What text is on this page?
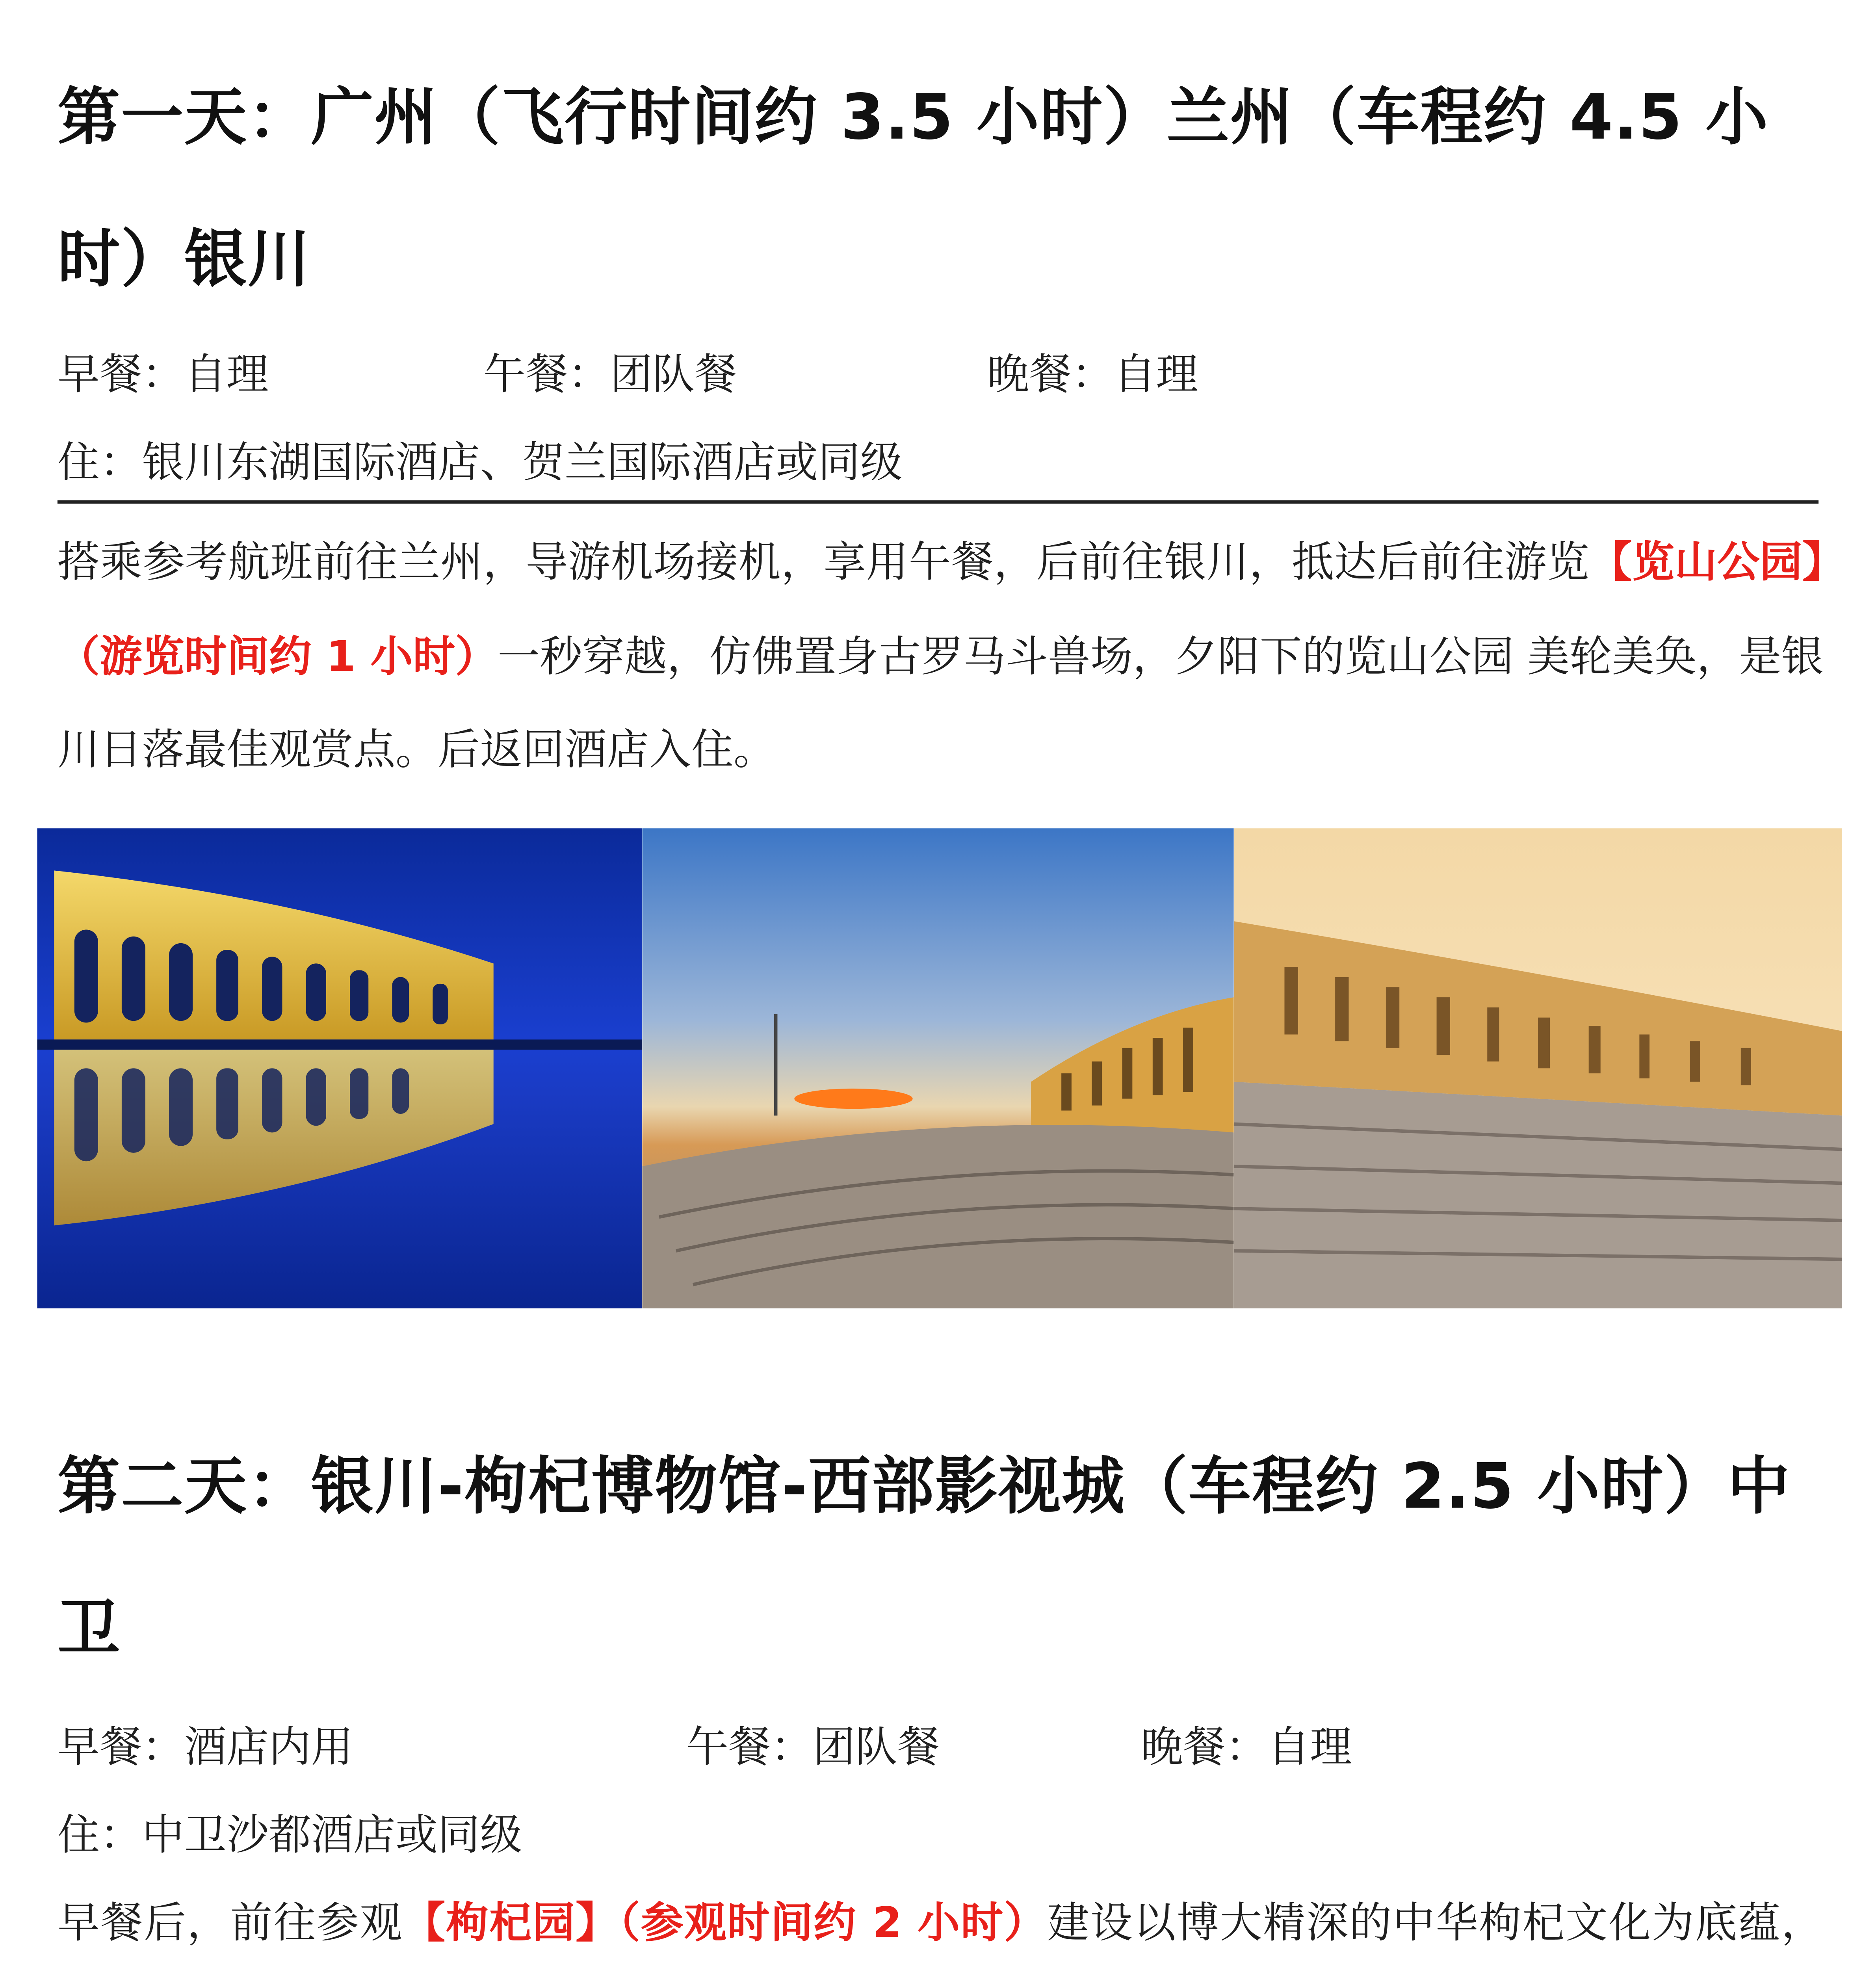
第一天：广州（飞行时间约 3.5 小时）兰州（车程约 4.5 小时）银川
早餐：自理	午餐：团队餐	晚餐：自理
住：银川东湖国际酒店、贺兰国际酒店或同级
搭乘参考航班前往兰州，导游机场接机，享用午餐，后前往银川，抵达后前往游览【览山公园】（游览时间约 1 小时）一秒穿越，仿佛置身古罗马斗兽场，夕阳下的览山公园 美轮美奂，是银川日落最佳观赏点。后返回酒店入住。
第二天：银川-枸杞博物馆-西部影视城（车程约 2.5 小时）中卫
早餐：酒店内用	午餐：团队餐	晚餐：自理
住：中卫沙都酒店或同级
早餐后，前往参观【枸杞园】（参观时间约 2 小时）建设以博大精深的中华枸杞文化为底蕴，
